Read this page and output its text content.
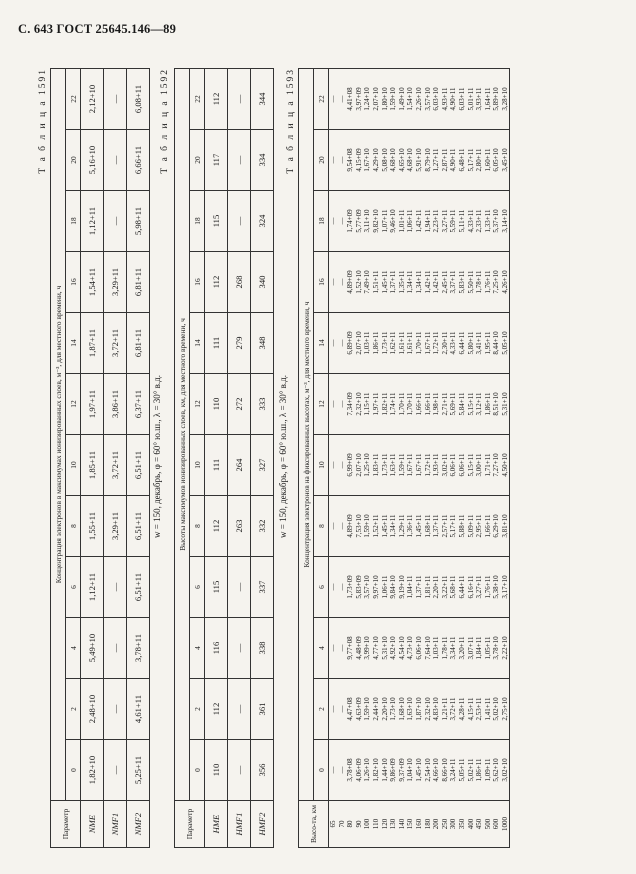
С. 643 ГОСТ 25645.146—89
Т а б л и ц а 1591
Параметр	Концентрация электронов в максимумах ионизированных слоев, м⁻³, для местного времени, ч											
	0	2	4	6	8	10	12	14	16	18	20	22
NME	1,82+10	2,48+10	5,49+10	1,12+11	1,55+11	1,85+11	1,97+11	1,87+11	1,54+11	1,12+11	5,16+10	2,12+10
NMF1	—	—	—	—	3,29+11	3,72+11	3,86+11	3,72+11	3,29+11	—	—	—
NMF2	5,25+11	4,61+11	3,78+11	6,51+11	6,51+11	6,51+11	6,37+11	6,81+11	6,81+11	5,98+11	6,66+11	6,08+11
w = 150, декабрь, φ = 60° ю.ш., λ = 30° в.д.
Т а б л и ц а 1592
Параметр	Высоты максимумов ионизированных слоев, км, для местного времени, ч											
	0	2	4	6	8	10	12	14	16	18	20	22
HME	110	112	116	115	112	111	110	111	112	115	117	112
HMF1	—	—	—	—	263	264	272	279	268	—	—	—
HMF2	356	361	338	337	332	327	333	348	340	324	334	344
w = 150, декабрь, φ = 60° ю.ш., λ = 30° в.д.
Т а б л и ц а 1593
Высо-та, км	Концентрация электронов на фиксированных высотах, м⁻³, для местного времени, ч											
	0	2	4	6	8	10	12	14	16	18	20	22
65	—	—	—	—	—	—	—	—	—	—	—	—
70	—	—	—	—	—	—	—	—	—	—	—	—
80	3,78+08	4,47+08	9,77+08	1,73+09	4,89+09	6,99+09	7,34+09	6,89+09	4,89+09	1,74+09	9,54+08	4,41+08
90	4,06+09	4,63+09	4,48+09	5,83+09	7,53+10	2,07+10	2,32+10	2,07+10	1,52+10	5,77+09	4,15+09	3,97+09
100	1,26+10	1,59+10	3,99+10	3,57+10	1,59+10	1,25+10	1,15+11	1,03+11	7,49+10	3,11+10	1,67+10	1,24+10
110	1,82+10	2,44+10	4,77+10	9,97+10	1,52+11	1,83+11	1,97+11	1,86+11	1,51+11	9,82+10	4,29+10	2,07+10
120	1,44+10	2,20+10	5,31+10	1,06+11	1,45+11	1,73+11	1,82+11	1,73+11	1,45+11	1,07+11	5,08+10	1,80+10
130	9,86+09	1,73+10	4,92+10	9,84+10	1,34+11	1,63+11	1,74+11	1,62+11	1,37+11	9,46+10	4,68+10	1,59+10
140	9,37+09	1,68+10	4,54+10	9,19+10	1,29+11	1,59+11	1,70+11	1,61+11	1,35+11	1,01+11	4,65+10	1,49+10
150	1,04+10	1,63+10	4,73+10	1,04+11	1,36+11	1,67+11	1,70+11	1,61+11	1,34+11	1,06+11	4,68+10	1,54+10
160	1,45+10	1,87+10	6,06+10	1,37+11	1,45+11	1,67+11	1,66+11	1,70+11	1,34+11	1,42+11	5,91+10	2,26+10
180	2,54+10	2,32+10	7,64+10	1,81+11	1,68+11	1,72+11	1,66+11	1,67+11	1,42+11	1,94+11	8,79+10	3,57+10
200	4,66+10	4,83+10	1,03+11	2,20+11	1,37+11	1,93+11	1,98+11	1,72+11	1,42+11	2,23+11	1,27+11	6,03+10
250	8,66+10	1,21+11	1,78+11	3,22+11	2,57+11	3,02+11	2,71+11	2,30+11	2,45+11	3,27+11	2,87+11	4,93+11
300	3,24+11	3,72+11	3,34+11	5,68+11	5,17+11	6,06+11	5,69+11	4,33+11	3,37+11	5,59+11	4,90+11	4,90+11
350	5,05+11	4,28+11	3,20+11	6,44+11	5,88+11	6,06+11	5,84+11	6,44+11	5,83+11	5,11+11	6,48+11	6,03+11
400	5,02+11	4,15+11	3,07+11	6,16+11	5,09+11	5,15+11	5,15+11	5,80+11	5,50+11	4,33+11	5,17+11	5,01+11
450	1,86+11	2,53+11	1,84+11	3,27+11	2,95+11	3,00+11	3,12+11	3,41+11	1,78+11	2,33+11	2,80+11	3,93+11
500	1,09+11	1,41+11	1,05+11	1,76+11	1,66+11	1,71+11	1,86+11	1,95+11	1,76+11	1,33+11	1,60+11	1,64+11
600	5,62+10	5,02+10	3,78+10	5,38+10	6,29+10	7,27+10	8,51+10	8,44+10	7,25+10	5,37+10	6,05+10	5,89+10
1000	3,02+10	2,75+10	2,22+10	3,17+10	3,81+10	4,50+10	5,31+10	5,05+10	4,26+10	3,14+10	3,45+10	3,28+10
